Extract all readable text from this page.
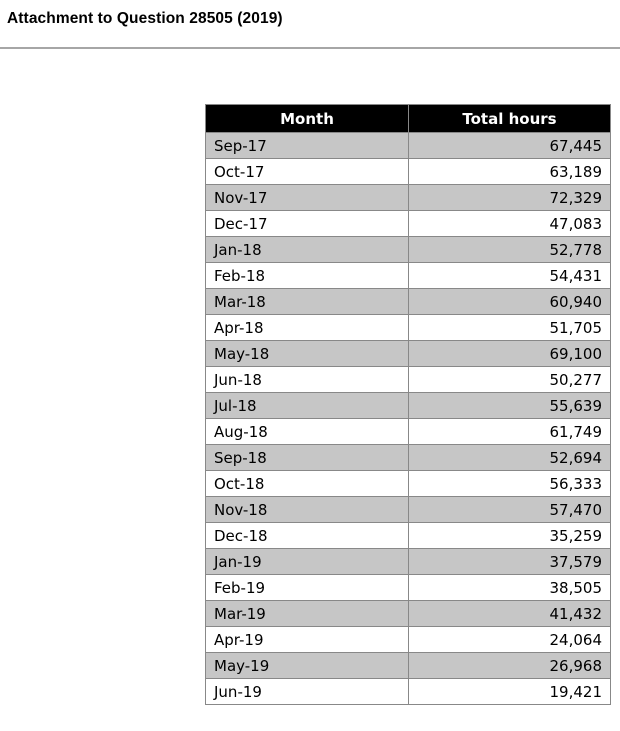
Attachment to Question 28505 (2019)
Month	Total hours
Sep-17	67,445
Oct-17	63,189
Nov-17	72,329
Dec-17	47,083
Jan-18	52,778
Feb-18	54,431
Mar-18	60,940
Apr-18	51,705
May-18	69,100
Jun-18	50,277
Jul-18	55,639
Aug-18	61,749
Sep-18	52,694
Oct-18	56,333
Nov-18	57,470
Dec-18	35,259
Jan-19	37,579
Feb-19	38,505
Mar-19	41,432
Apr-19	24,064
May-19	26,968
Jun-19	19,421
